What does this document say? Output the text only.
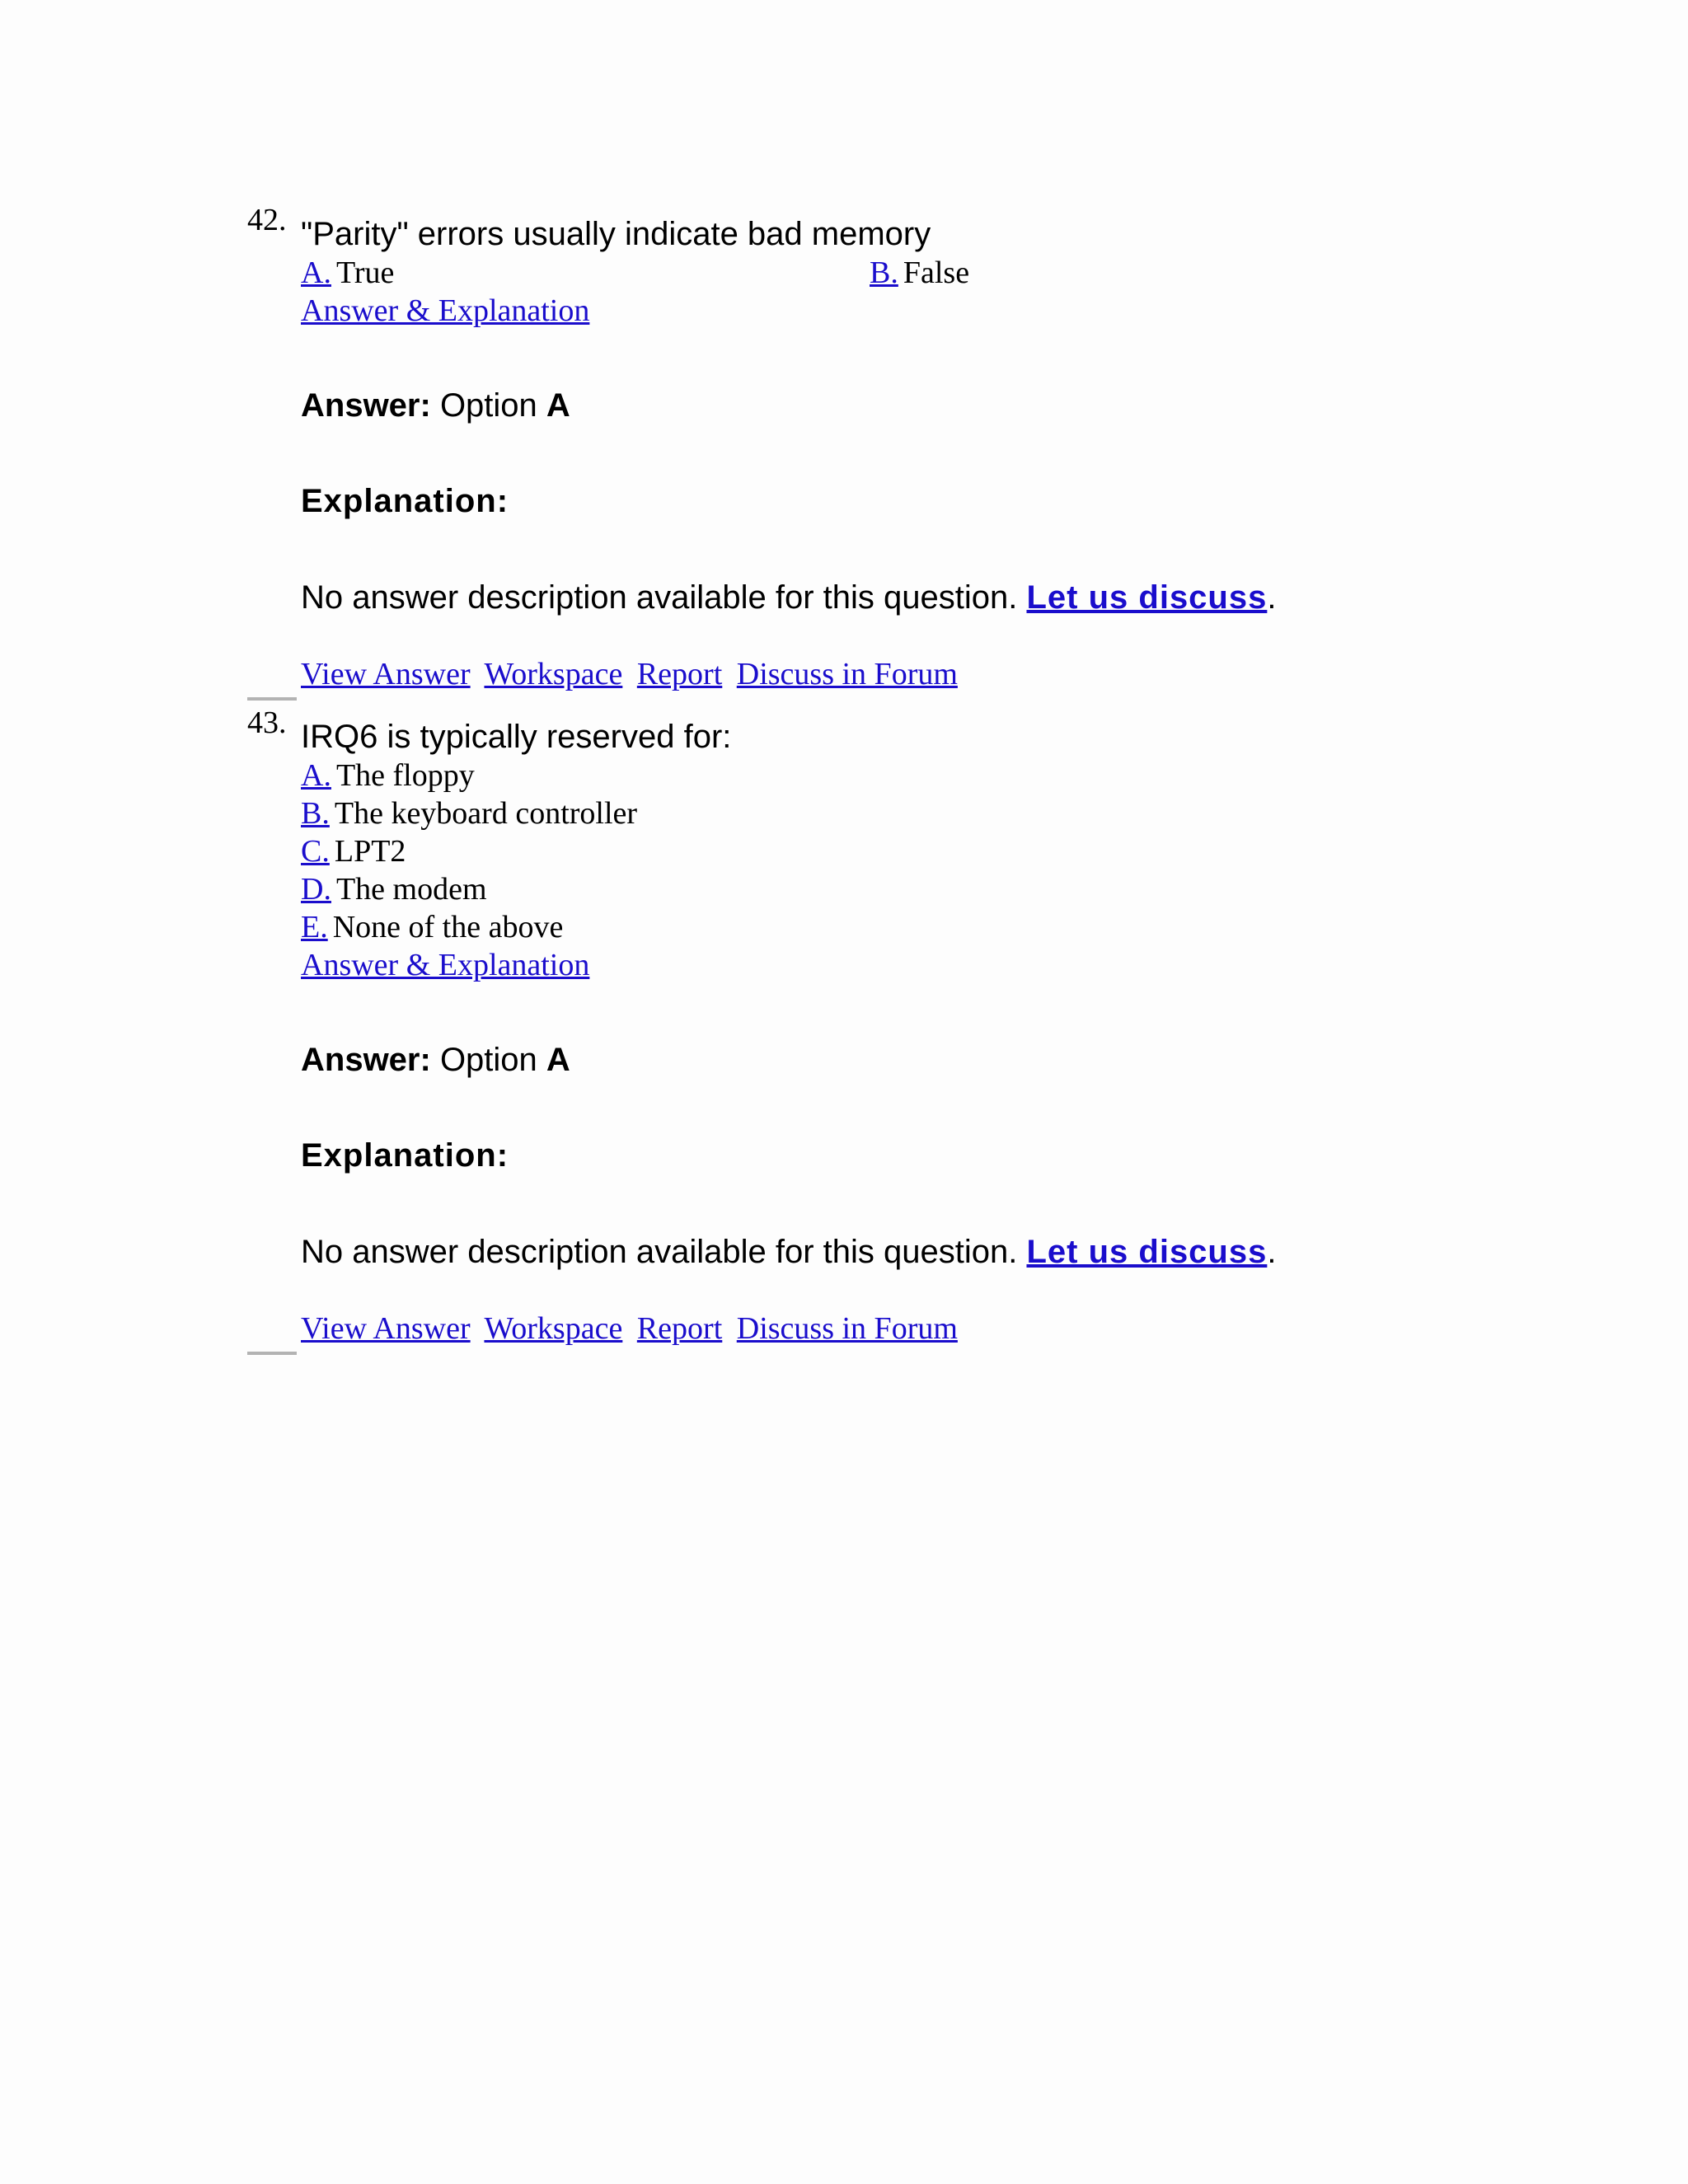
42. "Parity" errors usually indicate bad memory
A. True	B. False
Answer & Explanation
Answer: Option A
Explanation:
No answer description available for this question. Let us discuss.
View Answer Workspace Report Discuss in Forum
43. IRQ6 is typically reserved for:
A. The floppy
B. The keyboard controller
C. LPT2
D. The modem
E. None of the above
Answer & Explanation
Answer: Option A
Explanation:
No answer description available for this question. Let us discuss.
View Answer Workspace Report Discuss in Forum
